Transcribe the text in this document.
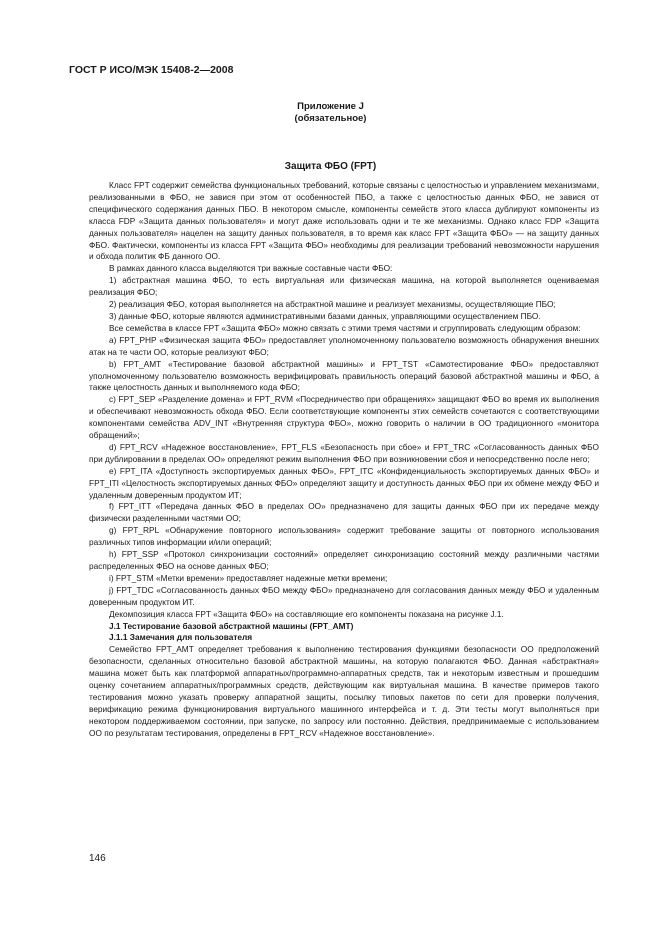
ГОСТ Р ИСО/МЭК 15408-2—2008
Приложение J
(обязательное)
Защита ФБО (FPT)

Класс FPT содержит семейства функциональных требований, которые связаны с целостностью и управлением механизмами, реализованными в ФБО, не завися при этом от особенностей ПБО, а также с целостностью данных ФБО, не завися от специфического содержания данных ПБО. В некотором смысле, компоненты семейств этого класса дублируют компоненты из класса FDP «Защита данных пользователя» и могут даже использовать одни и те же механизмы. Однако класс FDP «Защита данных пользователя» нацелен на защиту данных пользователя, в то время как класс FPT «Защита ФБО» — на защиту данных ФБО. Фактически, компоненты из класса FPT «Защита ФБО» необходимы для реализации требований невозможности нарушения и обхода политик ФБ данного ОО.

В рамках данного класса выделяются три важные составные части ФБО:

1) абстрактная машина ФБО, то есть виртуальная или физическая машина, на которой выполняется оцениваемая реализация ФБО;

2) реализация ФБО, которая выполняется на абстрактной машине и реализует механизмы, осуществляющие ПБО;

3) данные ФБО, которые являются административными базами данных, управляющими осуществлением ПБО.

Все семейства в классе FPT «Защита ФБО» можно связать с этими тремя частями и сгруппировать следующим образом:

a) FPT_PHP «Физическая защита ФБО» предоставляет уполномоченному пользователю возможность обнаружения внешних атак на те части ОО, которые реализуют ФБО;

b) FPT_AMT «Тестирование базовой абстрактной машины» и FPT_TST «Самотестирование ФБО» предоставляют уполномоченному пользователю возможность верифицировать правильность операций базовой абстрактной машины и ФБО, а также целостность данных и выполняемого кода ФБО;

c) FPT_SEP «Разделение домена» и FPT_RVM «Посредничество при обращениях» защищают ФБО во время их выполнения и обеспечивают невозможность обхода ФБО. Если соответствующие компоненты этих семейств сочетаются с соответствующими компонентами семейства ADV_INT «Внутренняя структура ФБО», можно говорить о наличии в ОО традиционного «монитора обращений»;

d) FPT_RCV «Надежное восстановление», FPT_FLS «Безопасность при сбое» и FPT_TRC «Согласованность данных ФБО при дублировании в пределах ОО» определяют режим выполнения ФБО при возникновении сбоя и непосредственно после него;

e) FPT_ITA «Доступность экспортируемых данных ФБО», FPT_ITC «Конфиденциальность экспортируемых данных ФБО» и FPT_ITI «Целостность экспортируемых данных ФБО» определяют защиту и доступность данных ФБО при их обмене между ФБО и удаленным доверенным продуктом ИТ;

f) FPT_ITT «Передача данных ФБО в пределах ОО» предназначено для защиты данных ФБО при их передаче между физически разделенными частями ОО;

g) FPT_RPL «Обнаружение повторного использования» содержит требование защиты от повторного использования различных типов информации и/или операций;

h) FPT_SSP «Протокол синхронизации состояний» определяет синхронизацию состояний между различными частями распределенных ФБО на основе данных ФБО;

i) FPT_STM «Метки времени» предоставляет надежные метки времени;

j) FPT_TDC «Согласованность данных ФБО между ФБО» предназначено для согласования данных между ФБО и удаленным доверенным продуктом ИТ.

Декомпозиция класса FPT «Защита ФБО» на составляющие его компоненты показана на рисунке J.1.

J.1 Тестирование базовой абстрактной машины (FPT_AMT)

J.1.1 Замечания для пользователя

Семейство FPT_AMT определяет требования к выполнению тестирования функциями безопасности ОО предположений безопасности, сделанных относительно базовой абстрактной машины, на которую полагаются ФБО. Данная «абстрактная» машина может быть как платформой аппаратных/программно-аппаратных средств, так и некоторым известным и прошедшим оценку сочетанием аппаратных/программных средств, действующим как виртуальная машина. В качестве примеров такого тестирования можно указать проверку аппаратной защиты, посылку типовых пакетов по сети для проверки получения, верификацию режима функционирования виртуального машинного интерфейса и т. д. Эти тесты могут выполняться при некотором поддерживаемом состоянии, при запуске, по запросу или постоянно. Действия, предпринимаемые с использованием ОО по результатам тестирования, определены в FPT_RCV «Надежное восстановление».

146
